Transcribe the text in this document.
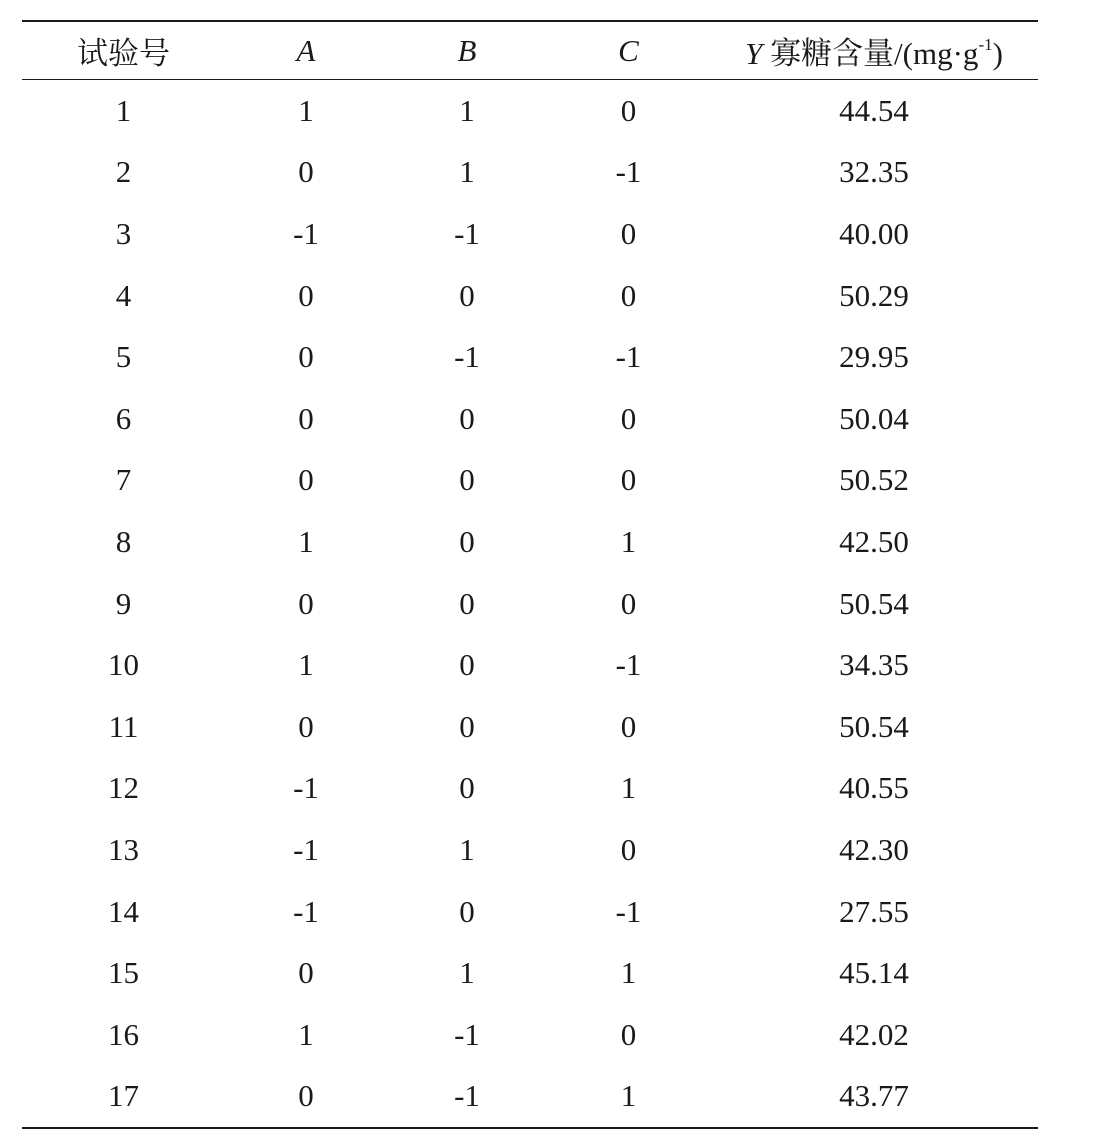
试验号	A	B	C	Y 寡糖含量$/(mg\cdot g^{-1})$
1	1	1	0	44.54
2	0	1	-1	32.35
3	-1	-1	0	40.00
4	0	0	0	50.29
5	0	-1	-1	29.95
6	0	0	0	50.04
7	0	0	0	50.52
8	1	0	1	42.50
9	0	0	0	50.54
10	1	0	-1	34.35
11	0	0	0	50.54
12	-1	0	1	40.55
13	-1	1	0	42.30
14	-1	0	-1	27.55
15	0	1	1	45.14
16	1	-1	0	42.02
17	0	-1	1	43.77
